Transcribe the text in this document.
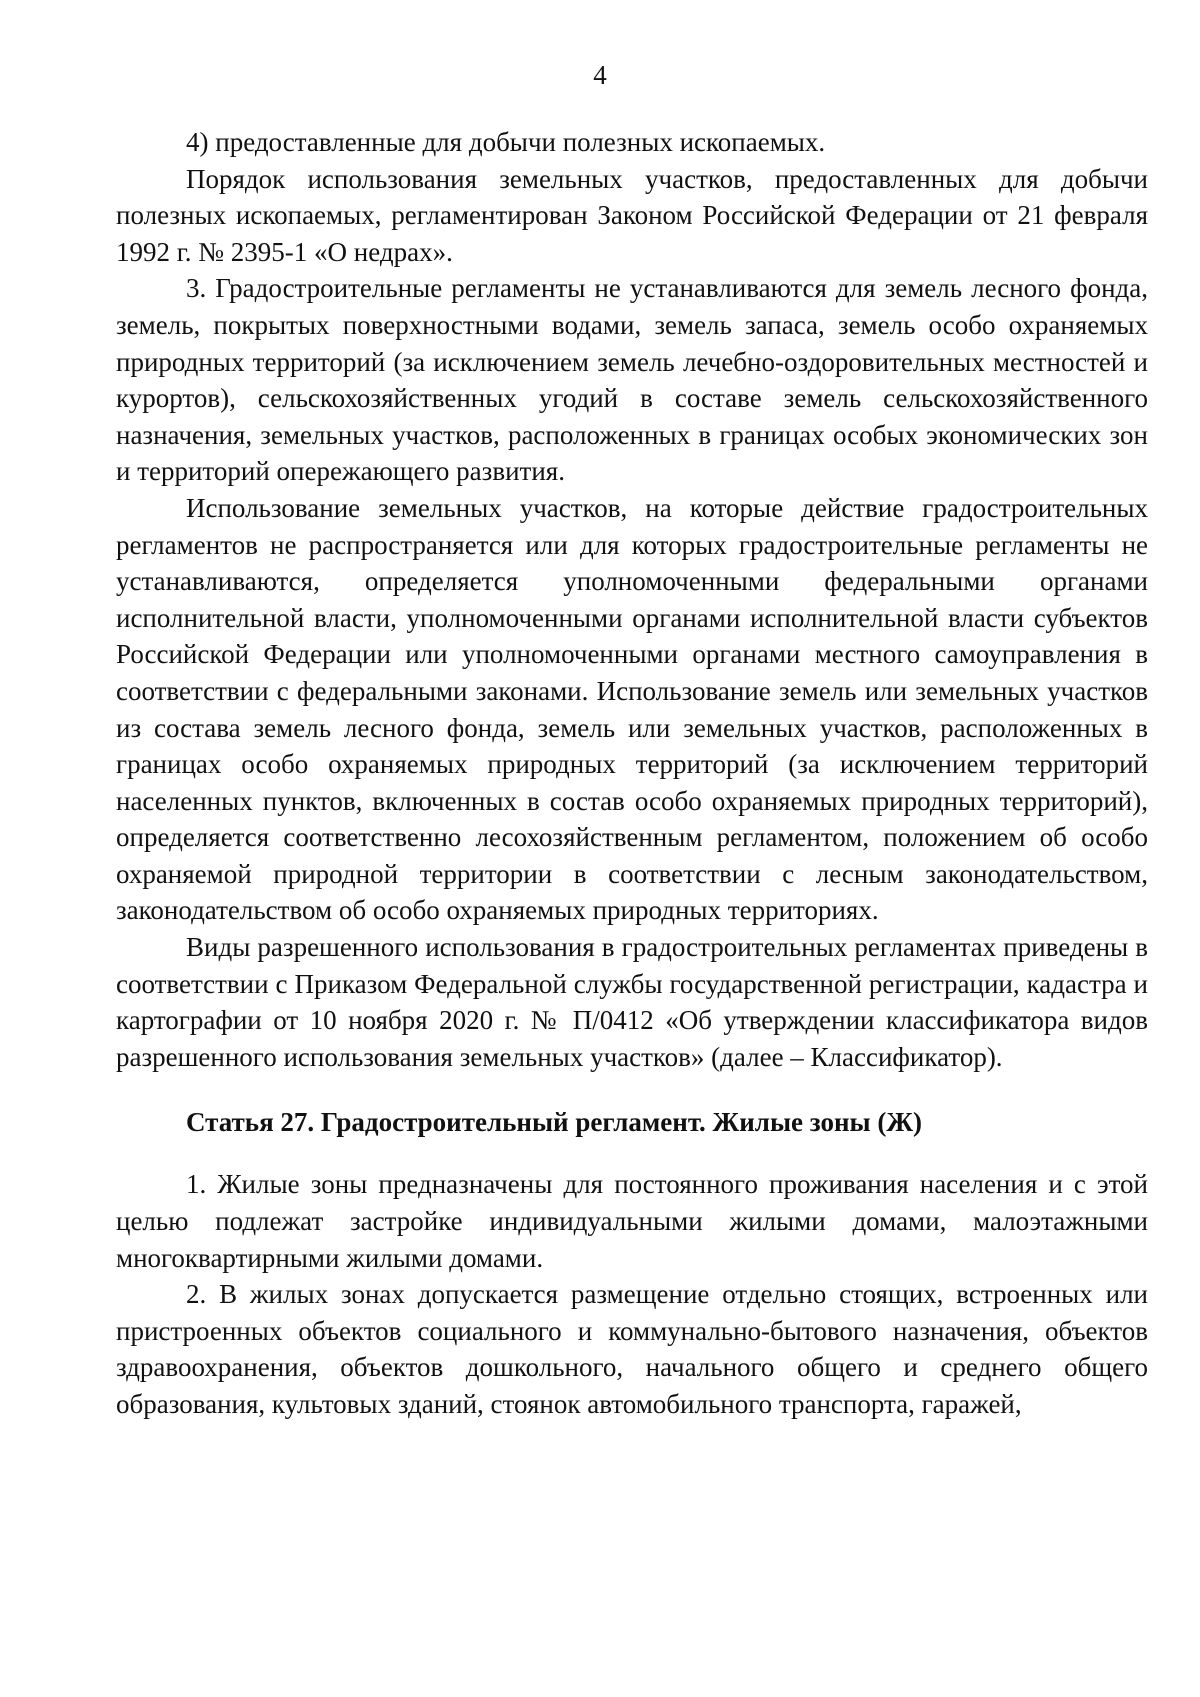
4

4) предоставленные для добычи полезных ископаемых.

Порядок использования земельных участков, предоставленных для добычи полезных ископаемых, регламентирован Законом Российской Федерации от 21 февраля 1992 г. № 2395-1 «О недрах».

3. Градостроительные регламенты не устанавливаются для земель лесного фонда, земель, покрытых поверхностными водами, земель запаса, земель особо охраняемых природных территорий (за исключением земель лечебно-оздоровительных местностей и курортов), сельскохозяйственных угодий в составе земель сельскохозяйственного назначения, земельных участков, расположенных в границах особых экономических зон и территорий опережающего развития.

Использование земельных участков, на которые действие градостроительных регламентов не распространяется или для которых градостроительные регламенты не устанавливаются, определяется уполномоченными федеральными органами исполнительной власти, уполномоченными органами исполнительной власти субъектов Российской Федерации или уполномоченными органами местного самоуправления в соответствии с федеральными законами. Использование земель или земельных участков из состава земель лесного фонда, земель или земельных участков, расположенных в границах особо охраняемых природных территорий (за исключением территорий населенных пунктов, включенных в состав особо охраняемых природных территорий), определяется соответственно лесохозяйственным регламентом, положением об особо охраняемой природной территории в соответствии с лесным законодательством, законодательством об особо охраняемых природных территориях.

Виды разрешенного использования в градостроительных регламентах приведены в соответствии с Приказом Федеральной службы государственной регистрации, кадастра и картографии от 10 ноября 2020 г. № П/0412 «Об утверждении классификатора видов разрешенного использования земельных участков» (далее – Классификатор).

Статья 27. Градостроительный регламент. Жилые зоны (Ж)

1. Жилые зоны предназначены для постоянного проживания населения и с этой целью подлежат застройке индивидуальными жилыми домами, малоэтажными многоквартирными жилыми домами.

2. В жилых зонах допускается размещение отдельно стоящих, встроенных или пристроенных объектов социального и коммунально-бытового назначения, объектов здравоохранения, объектов дошкольного, начального общего и среднего общего образования, культовых зданий, стоянок автомобильного транспорта, гаражей,
